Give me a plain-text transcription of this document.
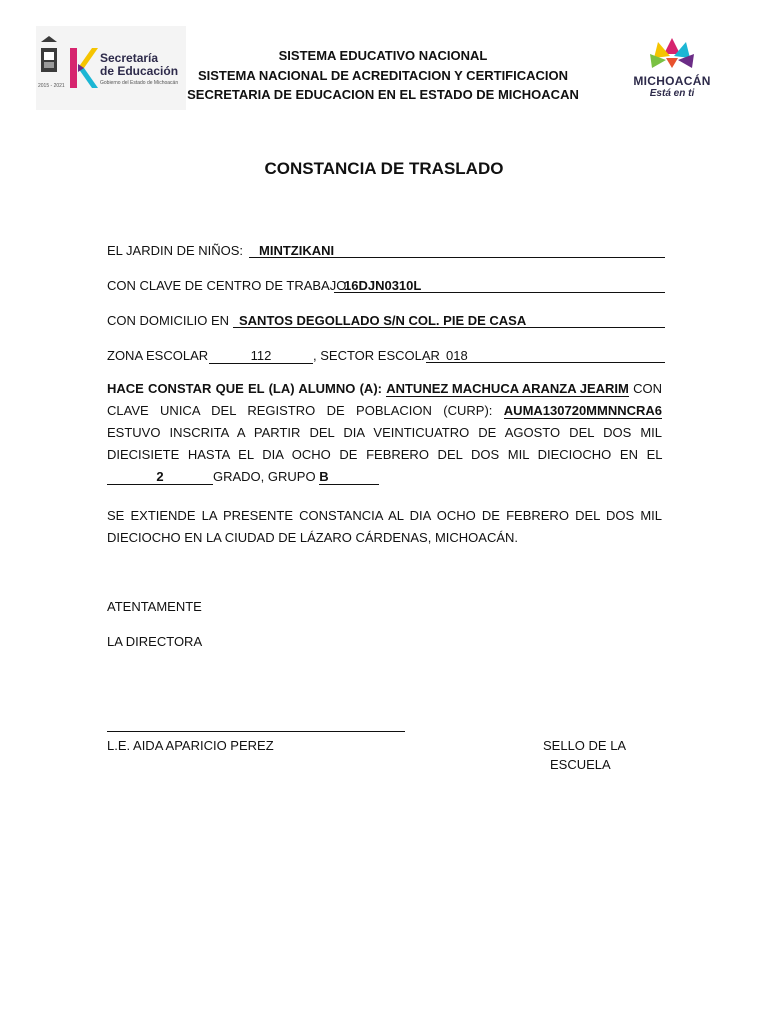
Secretaría
de Educación
Gobierno del Estado de Michoacán
2015 - 2021	MICHOACÁN
Está en ti
SISTEMA EDUCATIVO NACIONAL
SISTEMA NACIONAL DE ACREDITACION Y CERTIFICACION
SECRETARIA DE EDUCACION EN EL ESTADO DE MICHOACAN
CONSTANCIA DE TRASLADO
EL JARDIN DE NIÑOS:	MINTZIKANI
CON CLAVE DE CENTRO DE TRABAJO
16DJN0310L
CON DOMICILIO EN SANTOS DEGOLLADO S/N COL. PIE DE CASA
ZONA ESCOLAR	112	, SECTOR ESCOLAR 018
HACE CONSTAR QUE EL (LA) ALUMNO (A): ANTUNEZ MACHUCA ARANZA JEARIM CON CLAVE UNICA DEL REGISTRO DE POBLACION (CURP): AUMA130720MMNNCRA6 ESTUVO INSCRITA A PARTIR DEL DIA VEINTICUATRO DE AGOSTO DEL DOS MIL DIECISIETE HASTA EL DIA OCHO DE FEBRERO DEL DOS MIL DIECIOCHO EN EL 2	GRADO, GRUPO B
SE EXTIENDE LA PRESENTE CONSTANCIA AL DIA OCHO DE FEBRERO DEL DOS MIL DIECIOCHO EN LA CIUDAD DE LÁZARO CÁRDENAS, MICHOACÁN.
ATENTAMENTE
LA DIRECTORA
L.E. AIDA APARICIO PEREZ	SELLO DE LA
ESCUELA
